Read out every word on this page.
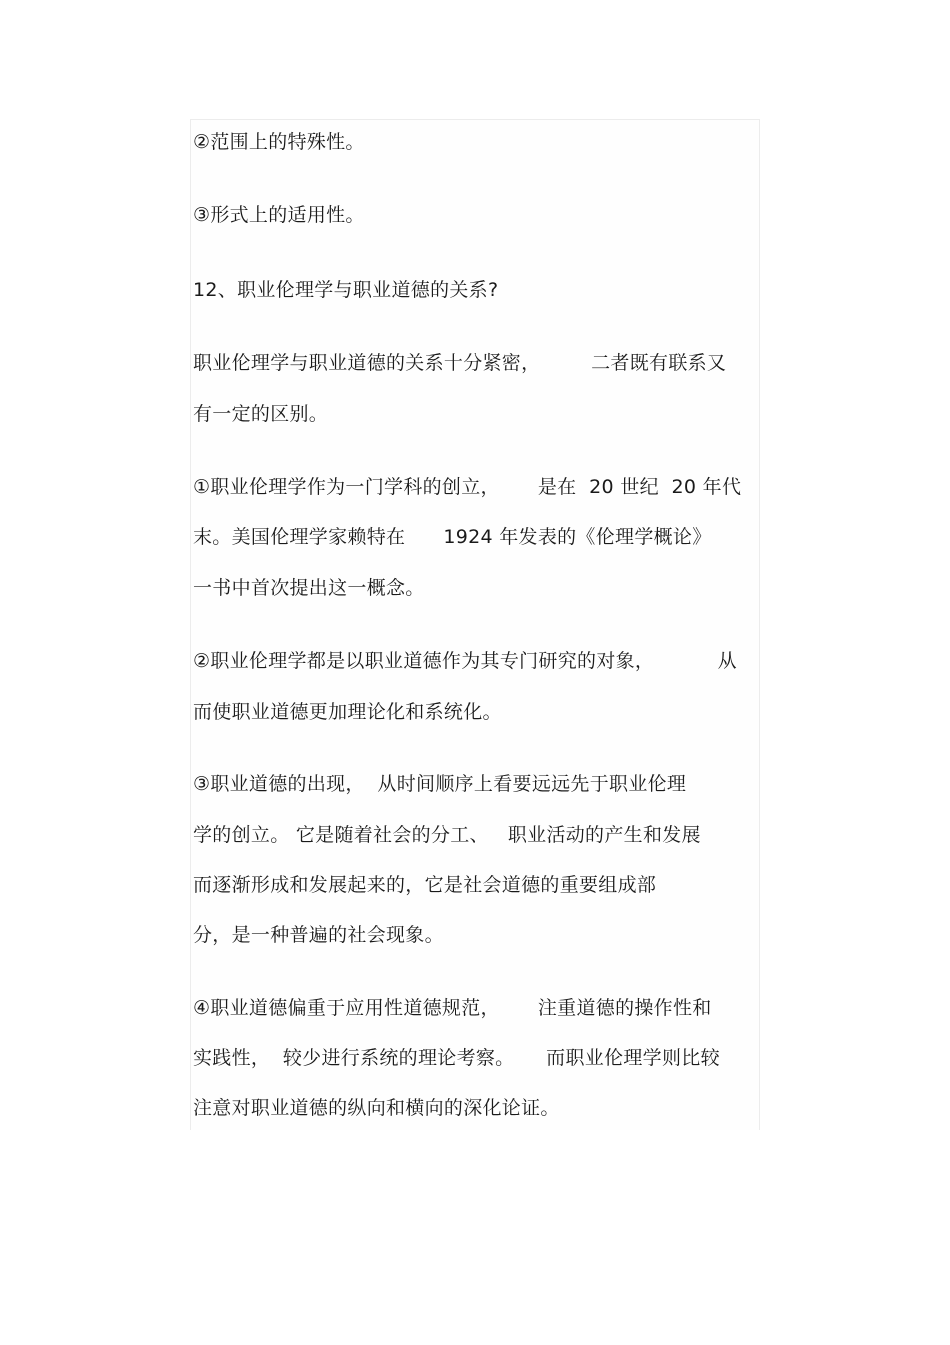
②范围上的特殊性。
③形式上的适用性。
12、职业伦理学与职业道德的关系?
职业伦理学与职业道德的关系十分紧密，        二者既有联系又
有一定的区别。
①职业伦理学作为一门学科的创立，      是在  20 世纪  20 年代
末。美国伦理学家赖特在      1924 年发表的《伦理学概论》
一书中首次提出这一概念。
②职业伦理学都是以职业道德作为其专门研究的对象，          从
而使职业道德更加理论化和系统化。
③职业道德的出现，  从时间顺序上看要远远先于职业伦理
学的创立。 它是随着社会的分工、   职业活动的产生和发展
而逐渐形成和发展起来的，它是社会道德的重要组成部
分，是一种普遍的社会现象。
④职业道德偏重于应用性道德规范，      注重道德的操作性和
实践性，  较少进行系统的理论考察。     而职业伦理学则比较
注意对职业道德的纵向和横向的深化论证。
